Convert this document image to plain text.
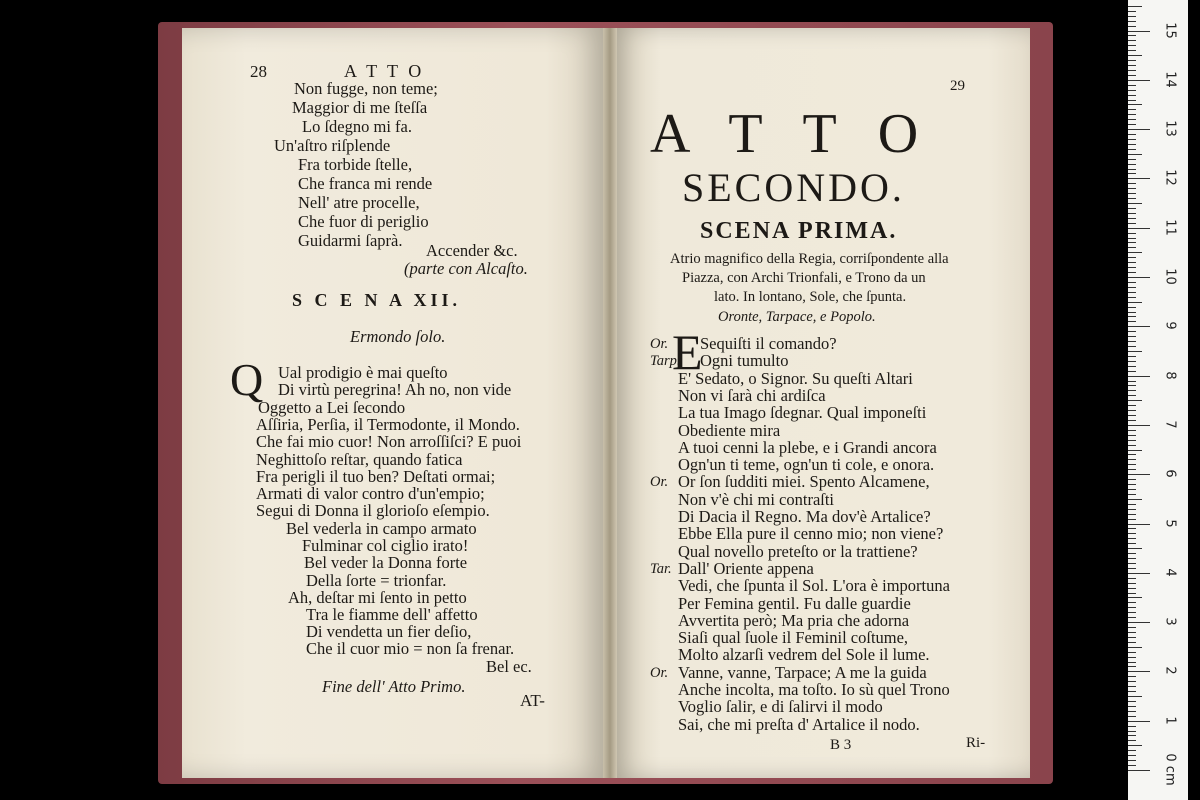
28	A T T O
Non fugge, non teme;
Maggior di me ſteſſa
Lo ſdegno mi fa.
Un'aſtro riſplende
Fra torbide ſtelle,
Che franca mi rende
Nell' atre procelle,
Che fuor di periglio
Guidarmi ſaprà.
Accender &c.
(parte con Alcaſto.
S C E N A XII.
Ermondo ſolo.
Q Ual prodigio è mai queſto
Di virtù peregrina! Ah no, non vide
Oggetto a Lei ſecondo
Aſſiria, Perſia, il Termodonte, il Mondo.
Che fai mio cuor! Non arroſſiſci? E puoi
Neghittoſo reſtar, quando fatica
Fra perigli il tuo ben? Deſtati ormai;
Armati di valor contro d'un'empio;
Segui di Donna il glorioſo eſempio.
Bel vederla in campo armato
Fulminar col ciglio irato!
Bel veder la Donna forte
Della ſorte = trionfar.
Ah, deſtar mi ſento in petto
Tra le fiamme dell' affetto
Di vendetta un fier deſio,
Che il cuor mio = non ſa frenar.
Bel ec.
Fine dell' Atto Primo.
AT-
29
A T T O
SECONDO.
SCENA PRIMA.
Atrio magnifico della Regia, corriſpondente alla
Piazza, con Archi Trionfali, e Trono da un
lato. In lontano, Sole, che ſpunta.
Oronte, Tarpace, e Popolo.
E
Or. Sequiſti il comando?
Tarp. Ogni tumulto
E' Sedato, o Signor. Su queſti Altari
Non vi ſarà chi ardiſca
La tua Imago ſdegnar. Qual imponeſti
Obediente mira
A tuoi cenni la plebe, e i Grandi ancora
Ogn'un ti teme, ogn'un ti cole, e onora.
Or. Or ſon ſudditi miei. Spento Alcamene,
Non v'è chi mi contraſti
Di Dacia il Regno. Ma dov'è Artalice?
Ebbe Ella pure il cenno mio; non viene?
Qual novello preteſto or la trattiene?
Tar. Dall' Oriente appena
Vedi, che ſpunta il Sol. L'ora è importuna
Per Femina gentil. Fu dalle guardie
Avvertita però; Ma pria che adorna
Siaſi qual ſuole il Feminil coſtume,
Molto alzarſi vedrem del Sole il lume.
Or. Vanne, vanne, Tarpace; A me la guida
Anche incolta, ma toſto. Io sù quel Trono
Voglio ſalir, e di ſalirvi il modo
Sai, che mi preſta d' Artalice il nodo.
B 3	Ri-
0 cm
1
2
3
4
5
6
7
8
9
10
11
12
13
14
15
